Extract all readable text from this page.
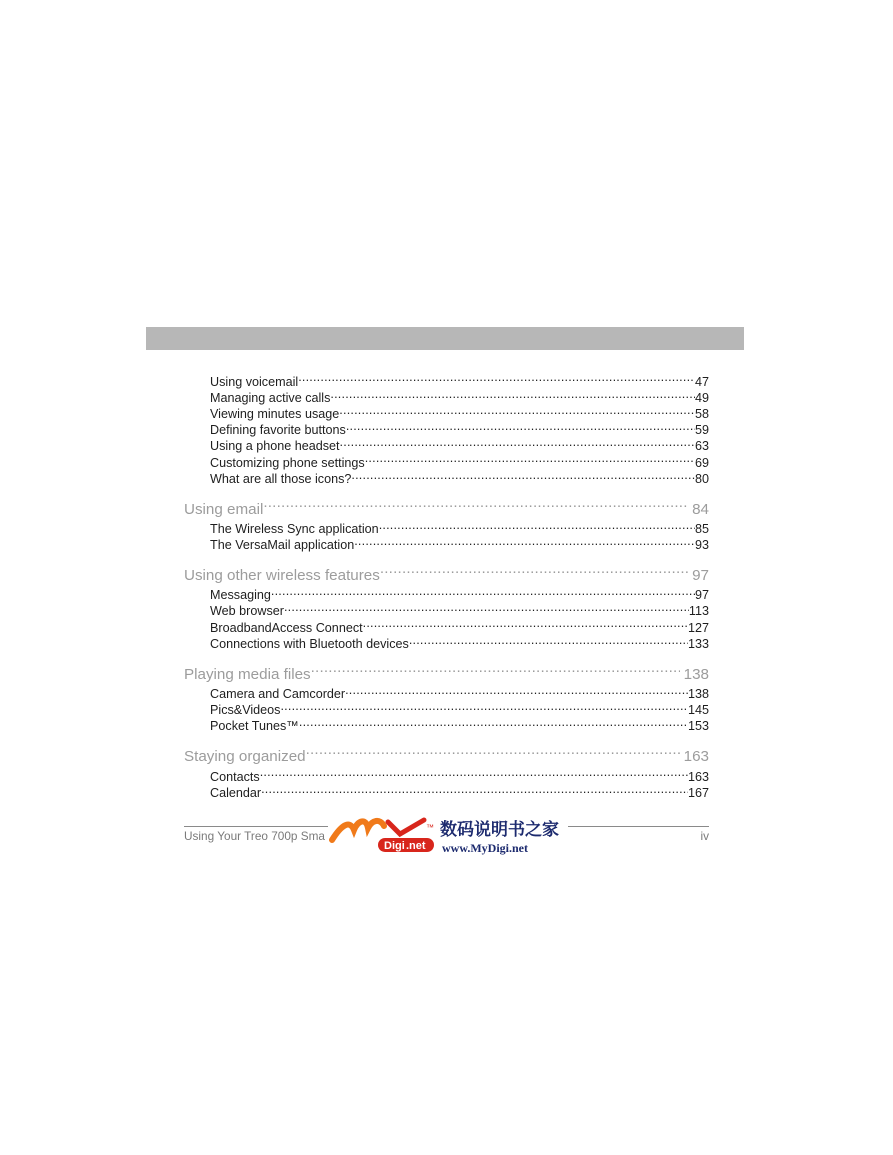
Using voicemail .....	47
Managing active calls .....	49
Viewing minutes usage .....	58
Defining favorite buttons .....	59
Using a phone headset .....	63
Customizing phone settings .....	69
What are all those icons? .....	80
Using email .....	84
The Wireless Sync application .....	85
The VersaMail application .....	93
Using other wireless features .....	97
Messaging .....	97
Web browser .....	113
BroadbandAccess Connect .....	127
Connections with Bluetooth devices .....	133
Playing media files .....	138
Camera and Camcorder .....	138
Pics&Videos .....	145
Pocket Tunes™ .....	153
Staying organized .....	163
Contacts .....	163
Calendar .....	167
Using Your Treo 700p Sma	iv
Digi .net
™ 数码说明书之家
www.MyDigi.net
